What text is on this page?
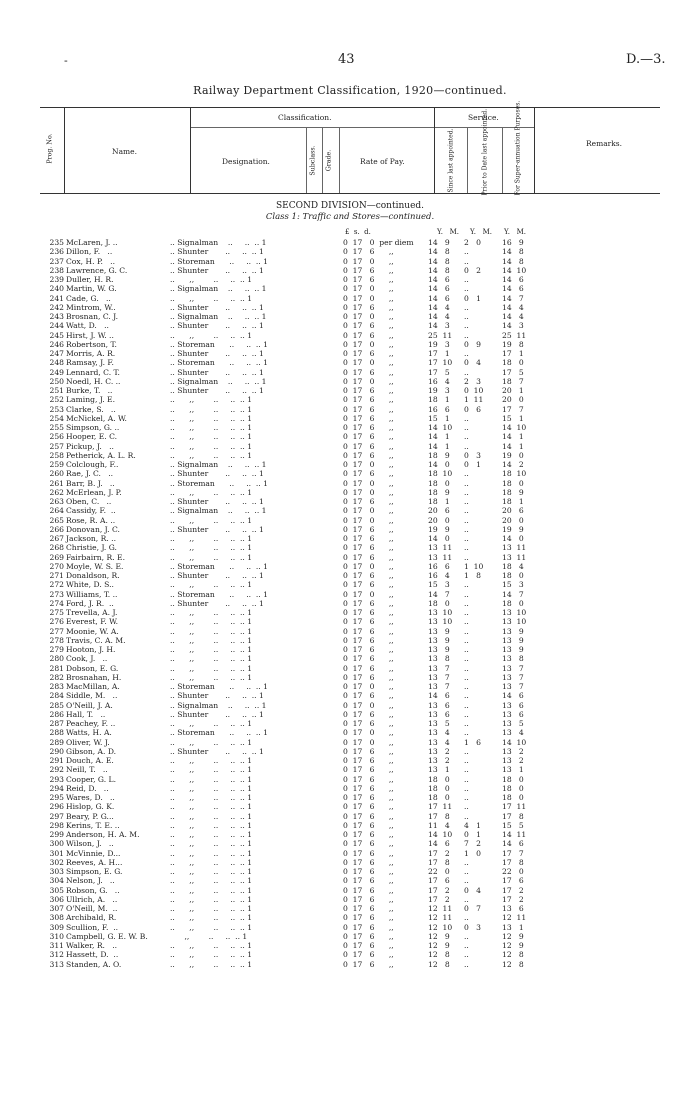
-	43	D.—3.
Railway Department Classification, 1920—continued.
Prog. No.	Name.
Classification.
Designation.	Subclass. Grade.	Rate of Pay.
Service.
Since last appointed.	Prior to Date last appointed.	For Super-annuation Purposes.	Remarks.
SECOND DIVISION—continued.
Class 1: Traffic and Stores—continued.
£  s.  d.	Y.   M. Y.   M. Y.   M.
235 McLaren, J. ..	.. Signalman    ..     ..  .. 1	0  17   0  per diem	14   9	2   0	16   9
236 Dillon, F.   ..	.. Shunter       ..     ..  .. 1	0  17   6      ,,	14   8	..	14   8
237 Cox, H. P.   ..	.. Storeman      ..     ..  .. 1	0  17   0      ,,	14   8	..	14   8
238 Lawrence, G. C.	.. Shunter       ..     ..  .. 1	0  17   6      ,,	14   8	0   2	14  10
239 Duller, H. R.	..      ,,        ..     ..  .. 1	0  17   6      ,,	14   6	..	14   6
240 Martin, W. G.	.. Signalman    ..     ..  .. 1	0  17   0      ,,	14   6	..	14   6
241 Cade, G.   ..	..      ,,        ..     ..  .. 1	0  17   0      ,,	14   6	0   1	14   7
242 Mintrom, W..	.. Shunter       ..     ..  .. 1	0  17   6      ,,	14   4	..	14   4
243 Brosnan, C. J.	.. Signalman    ..     ..  .. 1	0  17   0      ,,	14   4	..	14   4
244 Watt, D.   ..	.. Shunter       ..     ..  .. 1	0  17   6      ,,	14   3	..	14   3
245 Hirst, J. W. ..	..      ,,        ..     ..  .. 1	0  17   6      ,,	25  11	..	25  11
246 Robertson, T.	.. Storeman      ..     ..  .. 1	0  17   0      ,,	19   3	0   9	19   8
247 Morris, A. R.	.. Shunter       ..     ..  .. 1	0  17   6      ,,	17   1	..	17   1
248 Ramsay, J. F.	.. Storeman      ..     ..  .. 1	0  17   0      ,,	17  10	0   4	18   0
249 Lennard, C. T.	.. Shunter       ..     ..  .. 1	0  17   6      ,,	17   5	..	17   5
250 Noedl, H. C. ..	.. Signalman    ..     ..  .. 1	0  17   0      ,,	16   4	2   3	18   7
251 Burke, T.   ..	.. Shunter       ..     ..  .. 1	0  17   6      ,,	19   3	0  10	20   1
252 Laming, J. E.	..      ,,        ..     ..  .. 1	0  17   6      ,,	18   1	1  11	20   0
253 Clarke, S.   ..	..      ,,        ..     ..  .. 1	0  17   6      ,,	16   6	0   6	17   7
254 McNickel, A. W.	..      ,,        ..     ..  .. 1	0  17   6      ,,	15   1	..	15   1
255 Simpson, G. ..	..      ,,        ..     ..  .. 1	0  17   6      ,,	14  10	..	14  10
256 Hooper, E. C.	..      ,,        ..     ..  .. 1	0  17   6      ,,	14   1	..	14   1
257 Pickup, J.   ..	..      ,,        ..     ..  .. 1	0  17   6      ,,	14   1	..	14   1
258 Petherick, A. L. R.	..      ,,        ..     ..  .. 1	0  17   6      ,,	18   9	0   3	19   0
259 Colclough, F..	.. Signalman    ..     ..  .. 1	0  17   0      ,,	14   0	0   1	14   2
260 Rae, J. C.   ..	.. Shunter       ..     ..  .. 1	0  17   6      ,,	18  10	..	18  10
261 Barr, B. J.   ..	.. Storeman      ..     ..  .. 1	0  17   0      ,,	18   0	..	18   0
262 McErlean, J. P.	..      ,,        ..     ..  .. 1	0  17   0      ,,	18   9	..	18   9
263 Oben, C.   ..	.. Shunter       ..     ..  .. 1	0  17   6      ,,	18   1	..	18   1
264 Cassidy, F.  ..	.. Signalman    ..     ..  .. 1	0  17   0      ,,	20   6	..	20   6
265 Rose, R. A. ..	..      ,,        ..     ..  .. 1	0  17   0      ,,	20   0	..	20   0
266 Donovan, J. C.	.. Shunter       ..     ..  .. 1	0  17   6      ,,	19   9	..	19   9
267 Jackson, R. ..	..      ,,        ..     ..  .. 1	0  17   6      ,,	14   0	..	14   0
268 Christie, J. G.	..      ,,        ..     ..  .. 1	0  17   6      ,,	13  11	..	13  11
269 Fairbairn, R. E.	..      ,,        ..     ..  .. 1	0  17   6      ,,	13  11	..	13  11
270 Moyle, W. S. E.	.. Storeman      ..     ..  .. 1	0  17   0      ,,	16   6	1  10	18   4
271 Donaldson, R.	.. Shunter       ..     ..  .. 1	0  17   6      ,,	16   4	1   8	18   0
272 White, D. S..	..      ,,        ..     ..  .. 1	0  17   6      ,,	15   3	..	15   3
273 Williams, T. ..	.. Storeman      ..     ..  .. 1	0  17   0      ,,	14   7	..	14   7
274 Ford, J. R.  ..	.. Shunter       ..     ..  .. 1	0  17   6      ,,	18   0	..	18   0
275 Trevella, A. J.	..      ,,        ..     ..  .. 1	0  17   6      ,,	13  10	..	13  10
276 Everest, F. W.	..      ,,        ..     ..  .. 1	0  17   6      ,,	13  10	..	13  10
277 Moonie, W. A.	..      ,,        ..     ..  .. 1	0  17   6      ,,	13   9	..	13   9
278 Travis, C. A. M.	..      ,,        ..     ..  .. 1	0  17   6      ,,	13   9	..	13   9
279 Hooton, J. H.	..      ,,        ..     ..  .. 1	0  17   6      ,,	13   9	..	13   9
280 Cook, J.   ..	..      ,,        ..     ..  .. 1	0  17   6      ,,	13   8	..	13   8
281 Dobson, E. G.	..      ,,        ..     ..  .. 1	0  17   6      ,,	13   7	..	13   7
282 Brosnahan, H.	..      ,,        ..     ..  .. 1	0  17   6      ,,	13   7	..	13   7
283 MacMillan, A.	.. Storeman      ..     ..  .. 1	0  17   0      ,,	13   7	..	13   7
284 Siddle, M.   ..	.. Shunter       ..     ..  .. 1	0  17   6      ,,	14   6	..	14   6
285 O'Neill, J. A.	.. Signalman    ..     ..  .. 1	0  17   0      ,,	13   6	..	13   6
286 Hall, T.   ..	.. Shunter       ..     ..  .. 1	0  17   6      ,,	13   6	..	13   6
287 Peachey, F. ..	..      ,,        ..     ..  .. 1	0  17   6      ,,	13   5	..	13   5
288 Watts, H. A.	.. Storeman      ..     ..  .. 1	0  17   0      ,,	13   4	..	13   4
289 Oliver, W. J.	..      ,,        ..     ..  .. 1	0  17   0      ,,	13   4	1   6	14  10
290 Gibson, A. D.	.. Shunter       ..     ..  .. 1	0  17   6      ,,	13   2	..	13   2
291 Douch, A. E.	..      ,,        ..     ..  .. 1	0  17   6      ,,	13   2	..	13   2
292 Neill, T.   ..	..      ,,        ..     ..  .. 1	0  17   6      ,,	13   1	..	13   1
293 Cooper, G. L.	..      ,,        ..     ..  .. 1	0  17   6      ,,	18   0	..	18   0
294 Reid, D.   ..	..      ,,        ..     ..  .. 1	0  17   6      ,,	18   0	..	18   0
295 Wares, D.   ..	..      ,,        ..     ..  .. 1	0  17   6      ,,	18   0	..	18   0
296 Hislop, G. K.	..      ,,        ..     ..  .. 1	0  17   6      ,,	17  11	..	17  11
297 Beary, P. G...	..      ,,        ..     ..  .. 1	0  17   6      ,,	17   8	..	17   8
298 Kerins, T. E. ..	..      ,,        ..     ..  .. 1	0  17   6      ,,	11   4	4   1	15   5
299 Anderson, H. A. M.	..      ,,        ..     ..  .. 1	0  17   6      ,,	14  10	0   1	14  11
300 Wilson, J.   ..	..      ,,        ..     ..  .. 1	0  17   6      ,,	14   6	7   2	14   6
301 McVinnie, D...	..      ,,        ..     ..  .. 1	0  17   6      ,,	17   2	1   0	17   7
302 Reeves, A. H...	..      ,,        ..     ..  .. 1	0  17   6      ,,	17   8	..	17   8
303 Simpson, E. G.	..      ,,        ..     ..  .. 1	0  17   6      ,,	22   0	..	22   0
304 Nelson, J.   ..	..      ,,        ..     ..  .. 1	0  17   6      ,,	17   6	..	17   6
305 Robson, G.   ..	..      ,,        ..     ..  .. 1	0  17   6      ,,	17   2	0   4	17   2
306 Ullrich, A.   ..	..      ,,        ..     ..  .. 1	0  17   6      ,,	17   2	..	17   2
307 O'Neill, M.  ..	..      ,,        ..     ..  .. 1	0  17   6      ,,	12  11	0   7	13   6
308 Archibald, R.	..      ,,        ..     ..  .. 1	0  17   6      ,,	12  11	..	12  11
309 Scullion, F.  ..	..      ,,        ..     ..  .. 1	0  17   6      ,,	12  10	0   3	13   1
310 Campbell, G. E. W. B.	,,        ..     ..  .. 1	0  17   6      ,,	12   9	..	12   9
311 Walker, R.   ..	..      ,,        ..     ..  .. 1	0  17   6      ,,	12   9	..	12   9
312 Hassett, D.  ..	..      ,,        ..     ..  .. 1	0  17   6      ,,	12   8	..	12   8
313 Standen, A. O.	..      ,,        ..     ..  .. 1	0  17   6      ,,	12   8	..	12   8
